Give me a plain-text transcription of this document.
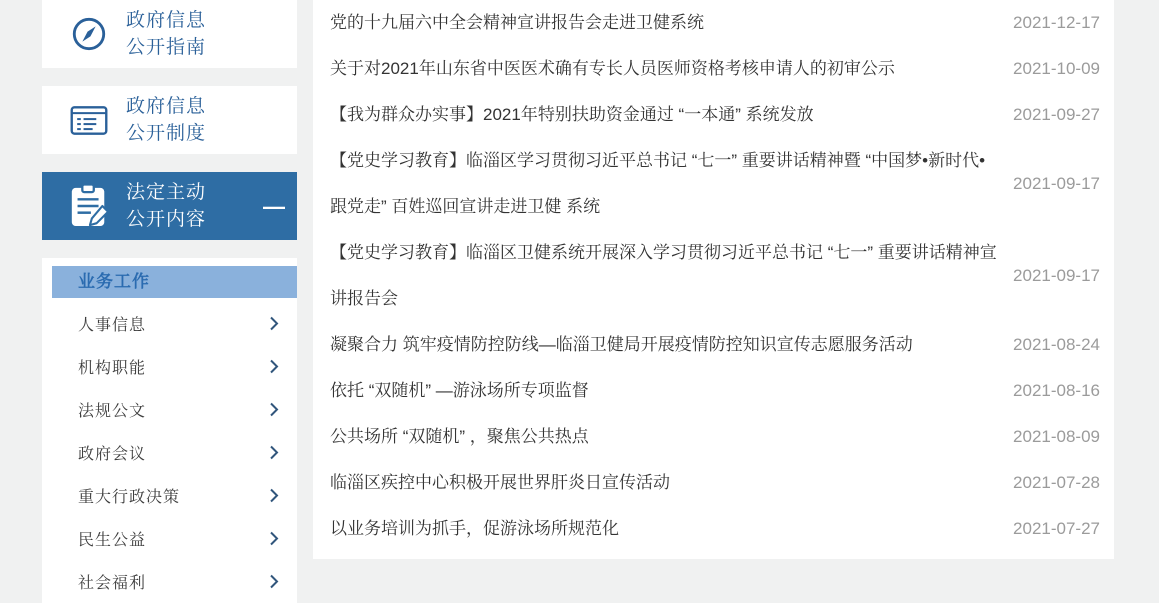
政府信息
公开指南
政府信息
公开制度
法定主动
公开内容
—
业务工作
人事信息
机构职能
法规公文
政府会议
重大行政决策
民生公益
社会福利
党的十九届六中全会精神宣讲报告会走进卫健系统	2021-12-17
关于对2021年山东省中医医术确有专长人员医师资格考核申请人的初审公示	2021-10-09
【我为群众办实事】2021年特别扶助资金通过 “一本通” 系统发放	2021-09-27
【党史学习教育】临淄区学习贯彻习近平总书记 “七一” 重要讲话精神暨 “中国梦•新时代•跟党走” 百姓巡回宣讲走进卫健 系统
2021-09-17
【党史学习教育】临淄区卫健系统开展深入学习贯彻习近平总书记 “七一” 重要讲话精神宣讲报告会
2021-09-17
凝聚合力 筑牢疫情防控防线—临淄卫健局开展疫情防控知识宣传志愿服务活动	2021-08-24
依托 “双随机” —游泳场所专项监督	2021-08-16
公共场所 “双随机” ，聚焦公共热点	2021-08-09
临淄区疾控中心积极开展世界肝炎日宣传活动	2021-07-28
以业务培训为抓手，促游泳场所规范化	2021-07-27
